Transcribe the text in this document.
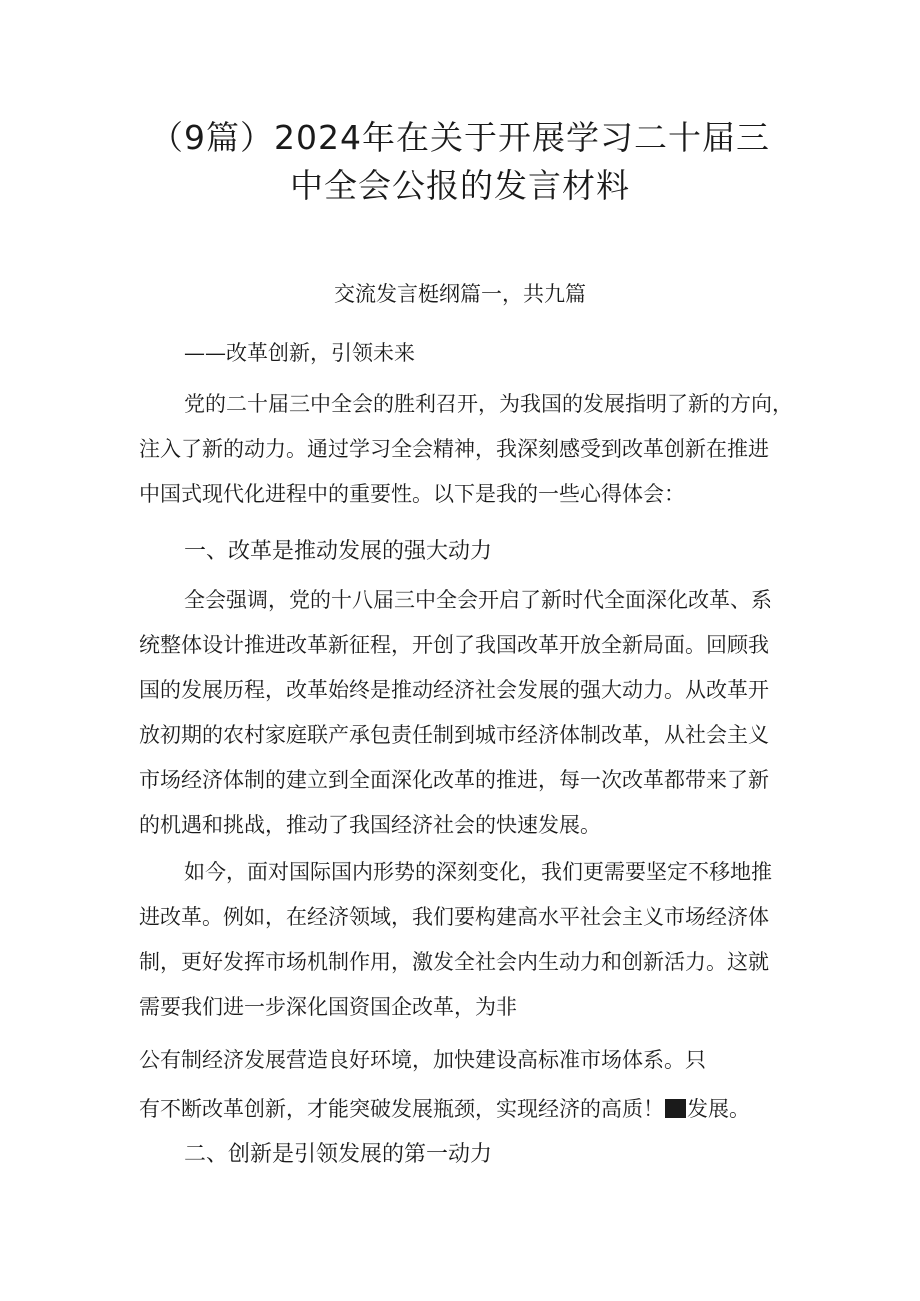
（9篇）2024年在关于开展学习二十届三
中全会公报的发言材料
交流发言梃纲篇一，共九篇
——改革创新，引领未来
党的二十届三中全会的胜利召开，为我国的发展指明了新的方向，
注入了新的动力。通过学习全会精神，我深刻感受到改革创新在推进
中国式现代化进程中的重要性。以下是我的一些心得体会：
一、改革是推动发展的强大动力
全会强调，党的十八届三中全会开启了新时代全面深化改革、系
统整体设计推进改革新征程，开创了我国改革开放全新局面。回顾我
国的发展历程，改革始终是推动经济社会发展的强大动力。从改革开
放初期的农村家庭联产承包责任制到城市经济体制改革，从社会主义
市场经济体制的建立到全面深化改革的推进，每一次改革都带来了新
的机遇和挑战，推动了我国经济社会的快速发展。
如今，面对国际国内形势的深刻变化，我们更需要坚定不移地推
进改革。例如，在经济领域，我们要构建高水平社会主义市场经济体
制，更好发挥市场机制作用，激发全社会内生动力和创新活力。这就
需要我们进一步深化国资国企改革，为非
公有制经济发展营造良好环境，加快建设高标准市场体系。只
有不断改革创新，才能突破发展瓶颈，实现经济的高质！ 发展。
二、创新是引领发展的第一动力
